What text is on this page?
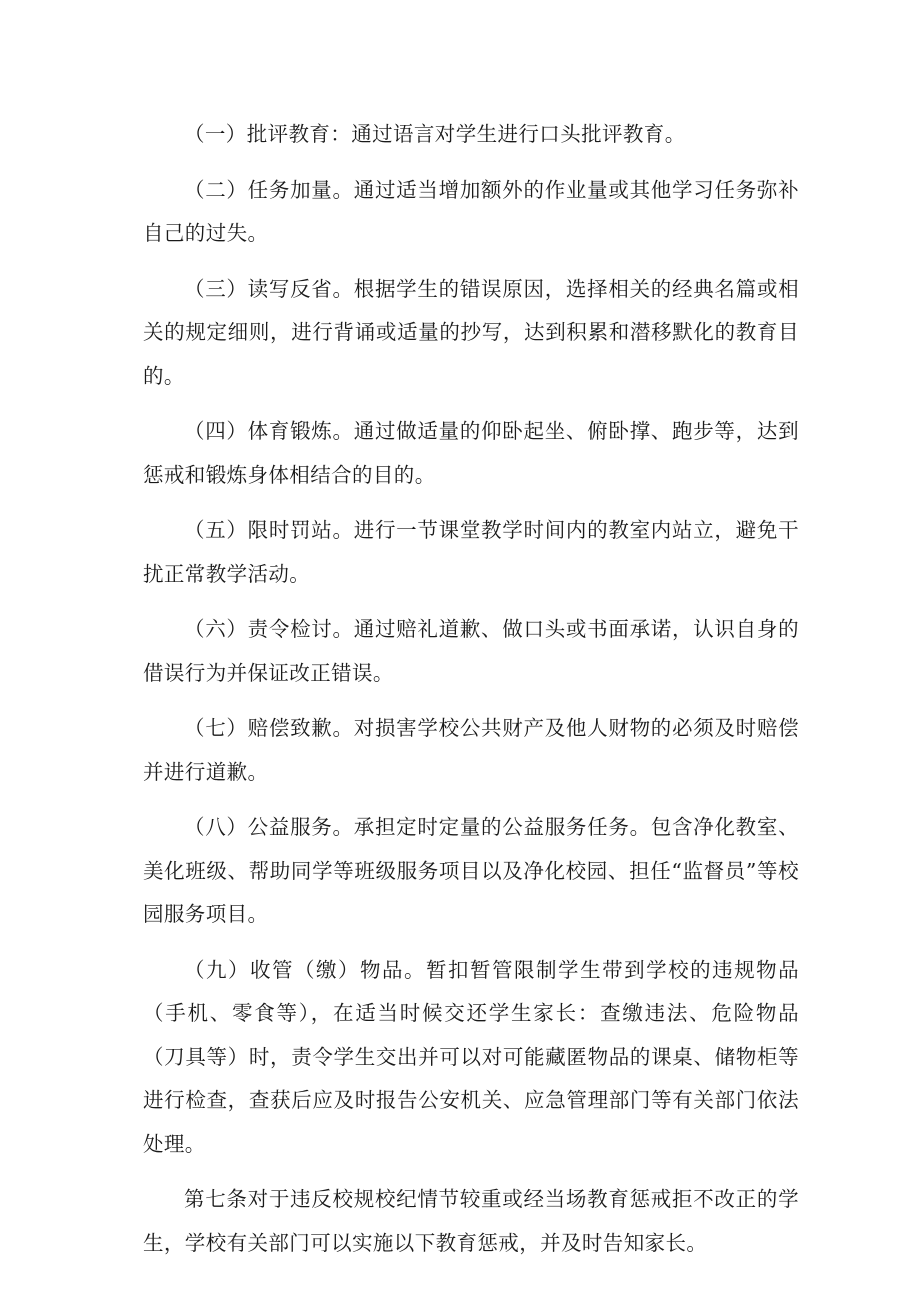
（一）批评教育：通过语言对学生进行口头批评教育。

（二）任务加量。通过适当增加额外的作业量或其他学习任务弥补自己的过失。

（三）读写反省。根据学生的错误原因，选择相关的经典名篇或相关的规定细则，进行背诵或适量的抄写，达到积累和潜移默化的教育目的。

（四）体育锻炼。通过做适量的仰卧起坐、俯卧撑、跑步等，达到惩戒和锻炼身体相结合的目的。

（五）限时罚站。进行一节课堂教学时间内的教室内站立，避免干扰正常教学活动。

（六）责令检讨。通过赔礼道歉、做口头或书面承诺，认识自身的借误行为并保证改正错误。

（七）赔偿致歉。对损害学校公共财产及他人财物的必须及时赔偿并进行道歉。

（八）公益服务。承担定时定量的公益服务任务。包含净化教室、美化班级、帮助同学等班级服务项目以及净化校园、担任“监督员”等校园服务项目。

（九）收管（缴）物品。暂扣暂管限制学生带到学校的违规物品（手机、零食等），在适当时候交还学生家长：查缴违法、危险物品（刀具等）时，责令学生交出并可以对可能藏匿物品的课桌、储物柜等进行检查，查获后应及时报告公安机关、应急管理部门等有关部门依法处理。

第七条对于违反校规校纪情节较重或经当场教育惩戒拒不改正的学生，学校有关部门可以实施以下教育惩戒，并及时告知家长。
